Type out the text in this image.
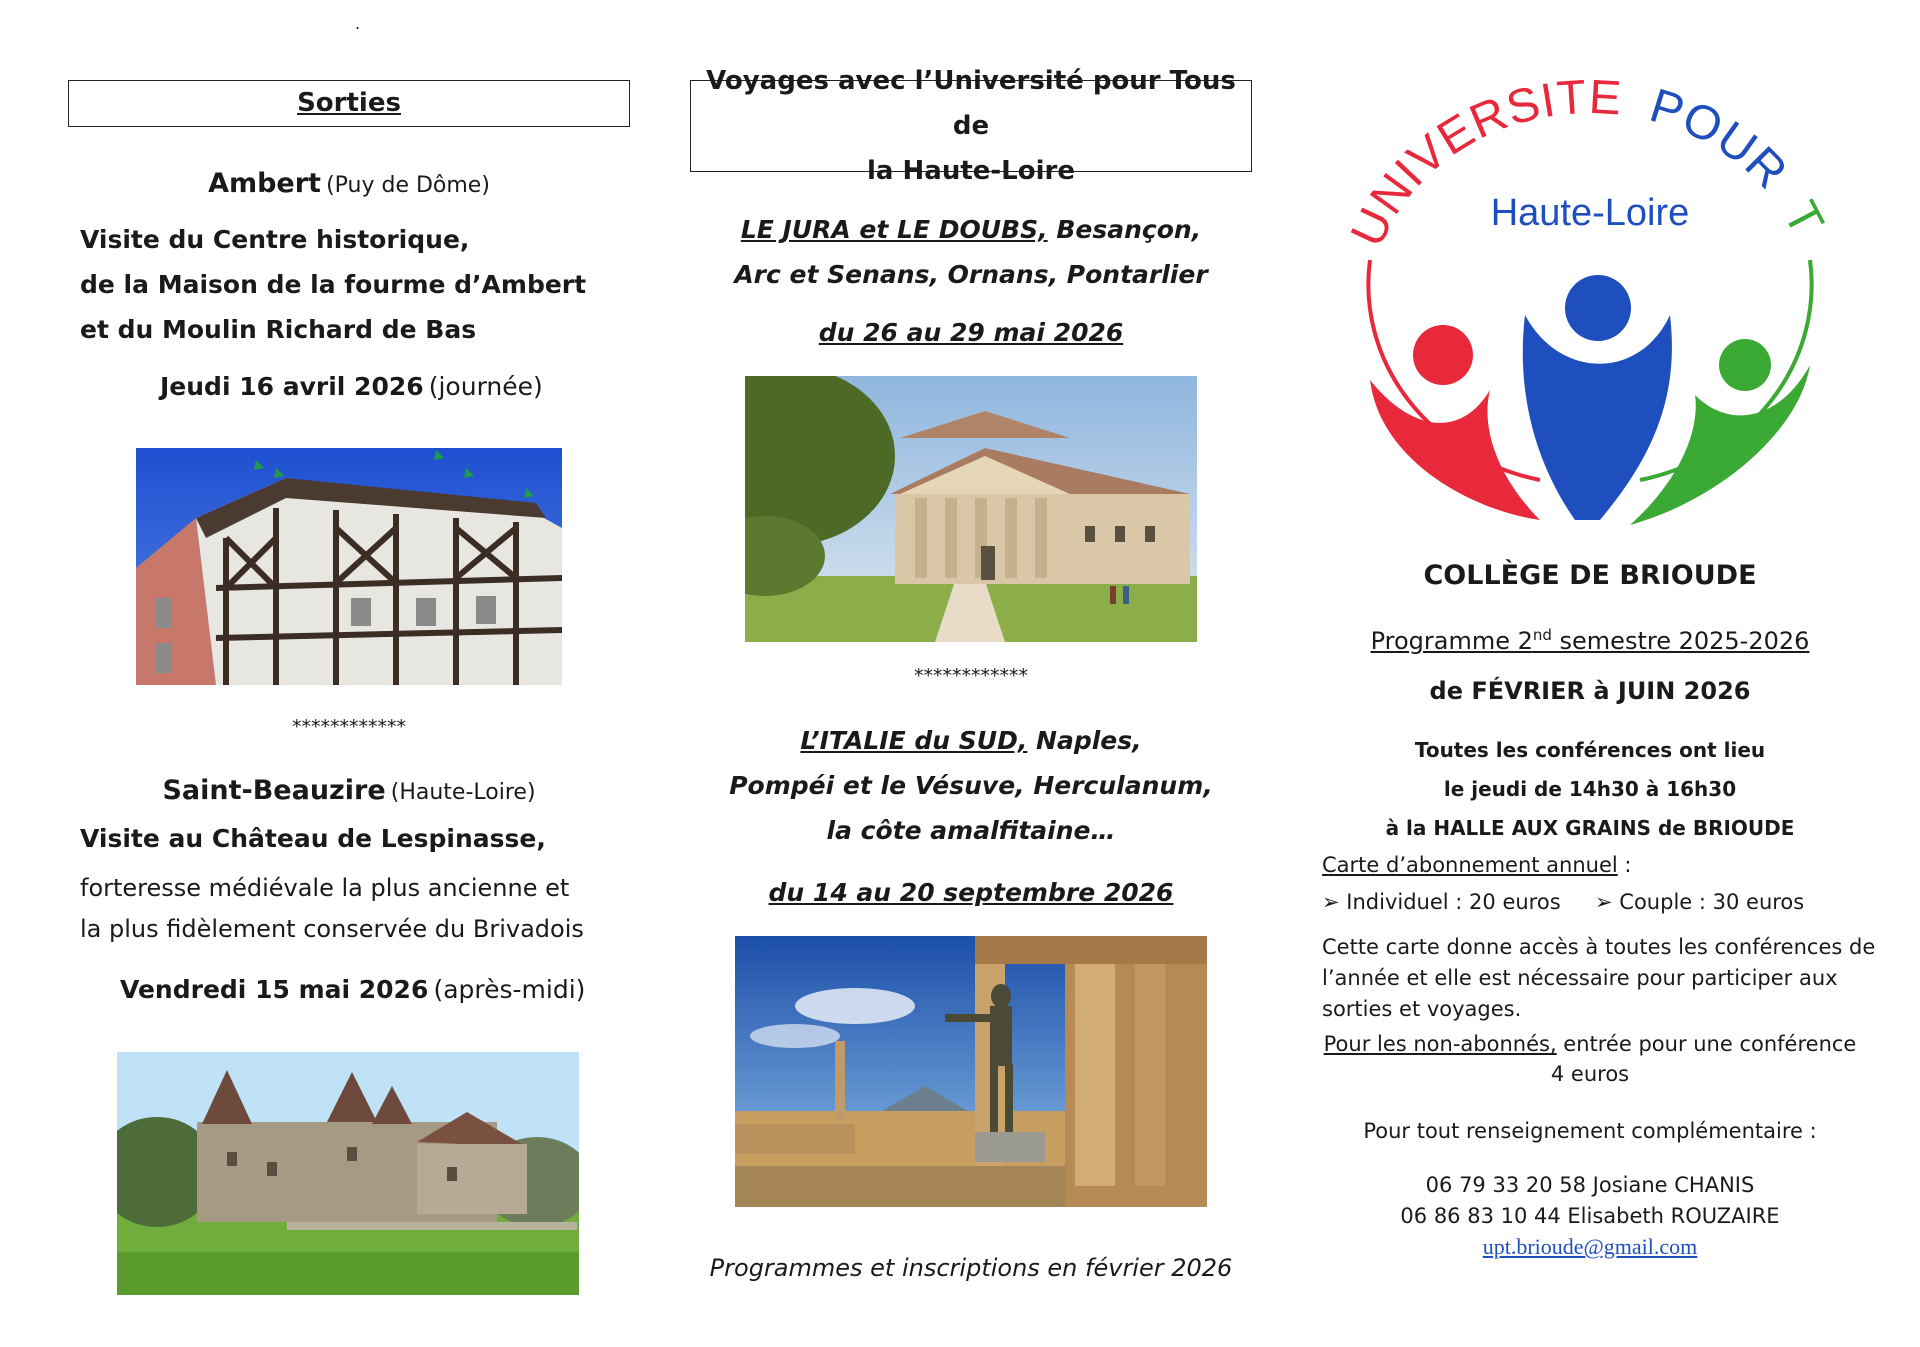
.
Sorties
Ambert (Puy de Dôme)
Visite du Centre historique,
de la Maison de la fourme d’Ambert
et du Moulin Richard de Bas
Jeudi 16 avril 2026 (journée)
************
Saint-Beauzire (Haute-Loire)
Visite au Château de Lespinasse,
forteresse médiévale la plus ancienne et
la plus fidèlement conservée du Brivadois
Vendredi 15 mai 2026 (après-midi)
Voyages avec l’Université pour Tous de
la Haute-Loire
LE JURA et LE DOUBS, Besançon,
Arc et Senans, Ornans, Pontarlier
du 26 au 29 mai 2026
************
L’ITALIE du SUD, Naples,
Pompéi et le Vésuve, Herculanum,
la côte amalfitaine…
du 14 au 20 septembre 2026
Programmes et inscriptions en février 2026
UNIVERSITE POUR T
Haute-Loire
COLLÈGE DE BRIOUDE
Programme 2nd semestre 2025-2026
de FÉVRIER à JUIN 2026
Toutes les conférences ont lieu
le jeudi de 14h30 à 16h30
à la HALLE AUX GRAINS de BRIOUDE
Carte d’abonnement annuel :
➢ Individuel : 20 euros ➢ Couple : 30 euros
Cette carte donne accès à toutes les conférences de
l’année et elle est nécessaire pour participer aux
sorties et voyages.
Pour les non-abonnés, entrée pour une conférence
4 euros
Pour tout renseignement complémentaire :
06 79 33 20 58 Josiane CHANIS
06 86 83 10 44 Elisabeth ROUZAIRE
upt.brioude@gmail.com
